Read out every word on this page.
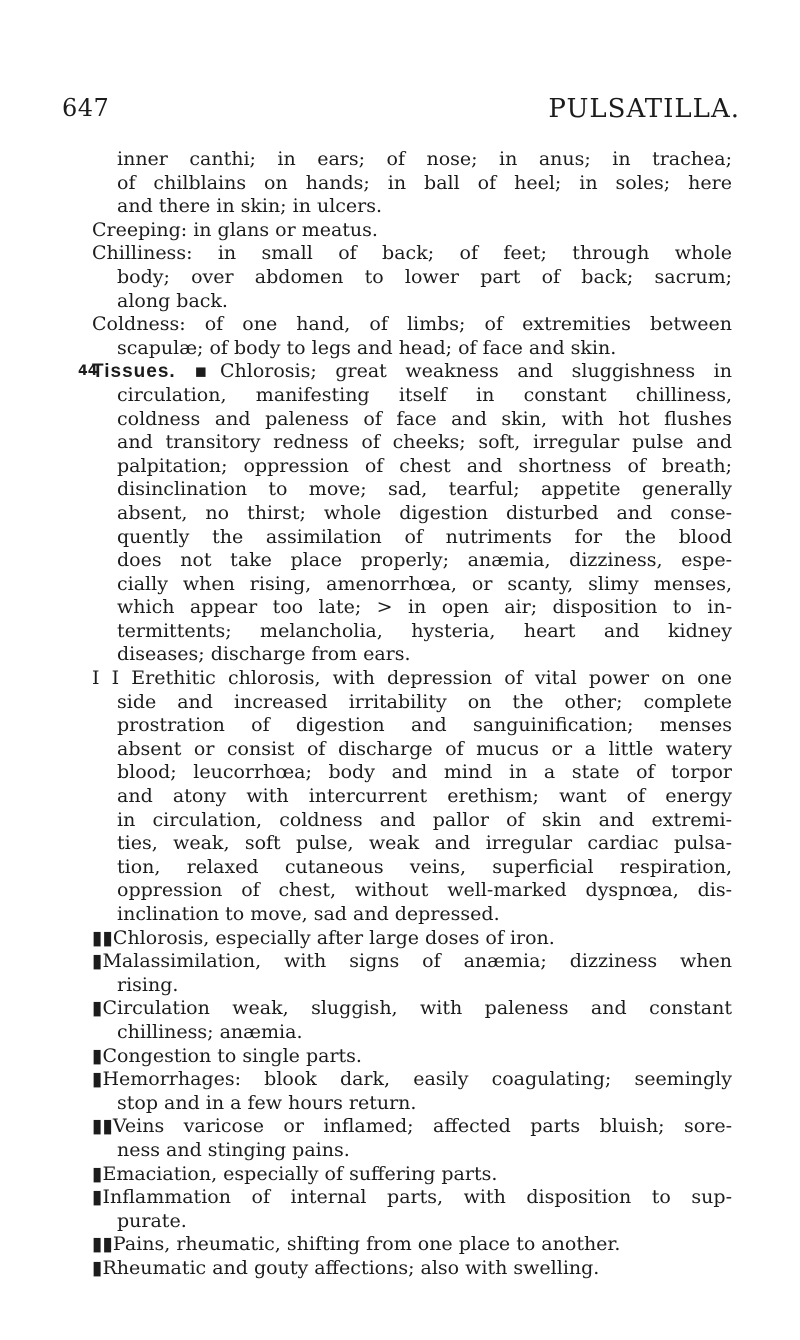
647	PULSATILLA.
inner canthi; in ears; of nose; in anus; in trachea;
of chilblains on hands; in ball of heel; in soles; here
and there in skin; in ulcers.
Creeping: in glans or meatus.
Chilliness: in small of back; of feet; through whole
body; over abdomen to lower part of back; sacrum;
along back.
Coldness: of one hand, of limbs; of extremities between
scapulæ; of body to legs and head; of face and skin.
44
Tissues. ▪Chlorosis; great weakness and sluggishness in
circulation, manifesting itself in constant chilliness,
coldness and paleness of face and skin, with hot flushes
and transitory redness of cheeks; soft, irregular pulse and
palpitation; oppression of chest and shortness of breath;
disinclination to move; sad, tearful; appetite generally
absent, no thirst; whole digestion disturbed and conse-
quently the assimilation of nutriments for the blood
does not take place properly; anæmia, dizziness, espe-
cially when rising, amenorrhœa, or scanty, slimy menses,
which appear too late; > in open air; disposition to in-
termittents; melancholia, hysteria, heart and kidney
diseases; discharge from ears.
I I Erethitic chlorosis, with depression of vital power on one
side and increased irritability on the other; complete
prostration of digestion and sanguinification; menses
absent or consist of discharge of mucus or a little watery
blood; leucorrhœa; body and mind in a state of torpor
and atony with intercurrent erethism; want of energy
in circulation, coldness and pallor of skin and extremi-
ties, weak, soft pulse, weak and irregular cardiac pulsa-
tion, relaxed cutaneous veins, superficial respiration,
oppression of chest, without well-marked dyspnœa, dis-
inclination to move, sad and depressed.
▮▮Chlorosis, especially after large doses of iron.
▮Malassimilation, with signs of anæmia; dizziness when
rising.
▮Circulation weak, sluggish, with paleness and constant
chilliness; anæmia.
▮Congestion to single parts.
▮Hemorrhages: blook dark, easily coagulating; seemingly
stop and in a few hours return.
▮▮Veins varicose or inflamed; affected parts bluish; sore-
ness and stinging pains.
▮Emaciation, especially of suffering parts.
▮Inflammation of internal parts, with disposition to sup-
purate.
▮▮Pains, rheumatic, shifting from one place to another.
▮Rheumatic and gouty affections; also with swelling.
